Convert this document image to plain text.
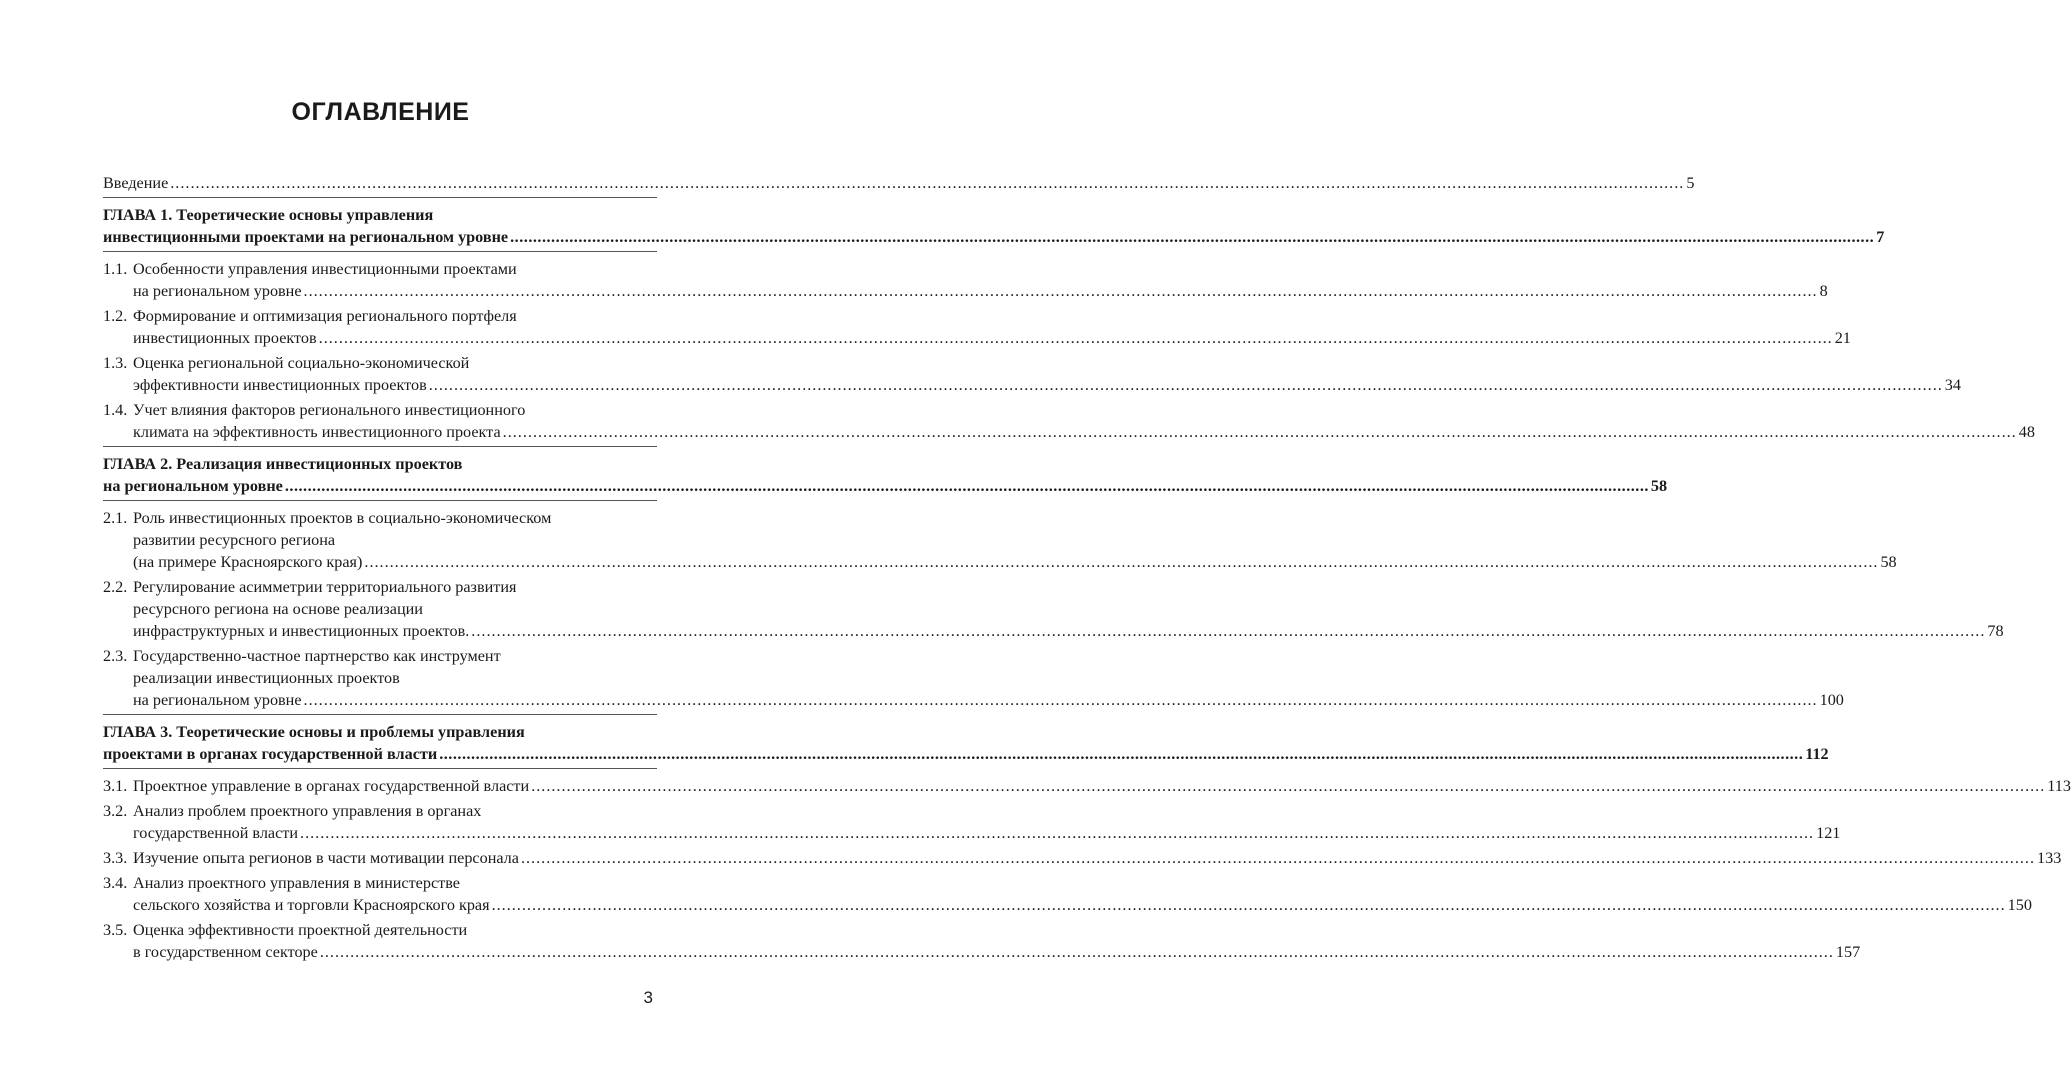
ОГЛАВЛЕНИЕ
Введение ............................................................................................................................................................................................................................................................................................................ 5
ГЛАВА 1. Теоретические основы управления
инвестиционными проектами на региональном уровне ............................................................................................................................................................................................................................................................................................................ 7
1.1. Особенности управления инвестиционными проектами
на региональном уровне ............................................................................................................................................................................................................................................................................................................ 8
1.2. Формирование и оптимизация регионального портфеля
инвестиционных проектов ............................................................................................................................................................................................................................................................................................................ 21
1.3. Оценка региональной социально-экономической
эффективности инвестиционных проектов ............................................................................................................................................................................................................................................................................................................ 34
1.4. Учет влияния факторов регионального инвестиционного
климата на эффективность инвестиционного проекта ............................................................................................................................................................................................................................................................................................................ 48
ГЛАВА 2. Реализация инвестиционных проектов
на региональном уровне ............................................................................................................................................................................................................................................................................................................ 58
2.1. Роль инвестиционных проектов в социально-экономическом
развитии ресурсного региона
(на примере Красноярского края) ............................................................................................................................................................................................................................................................................................................ 58
2.2. Регулирование асимметрии территориального развития
ресурсного региона на основе реализации
инфраструктурных и инвестиционных проектов. ............................................................................................................................................................................................................................................................................................................ 78
2.3. Государственно-частное партнерство как инструмент
реализации инвестиционных проектов
на региональном уровне ............................................................................................................................................................................................................................................................................................................ 100
ГЛАВА 3. Теоретические основы и проблемы управления
проектами в органах государственной власти ............................................................................................................................................................................................................................................................................................................ 112
3.1. Проектное управление в органах государственной власти ............................................................................................................................................................................................................................................................................................................ 113
3.2. Анализ проблем проектного управления в органах
государственной власти ............................................................................................................................................................................................................................................................................................................ 121
3.3. Изучение опыта регионов в части мотивации персонала ............................................................................................................................................................................................................................................................................................................ 133
3.4. Анализ проектного управления в министерстве
сельского хозяйства и торговли Красноярского края ............................................................................................................................................................................................................................................................................................................ 150
3.5. Оценка эффективности проектной деятельности
в государственном секторе ............................................................................................................................................................................................................................................................................................................ 157
3
